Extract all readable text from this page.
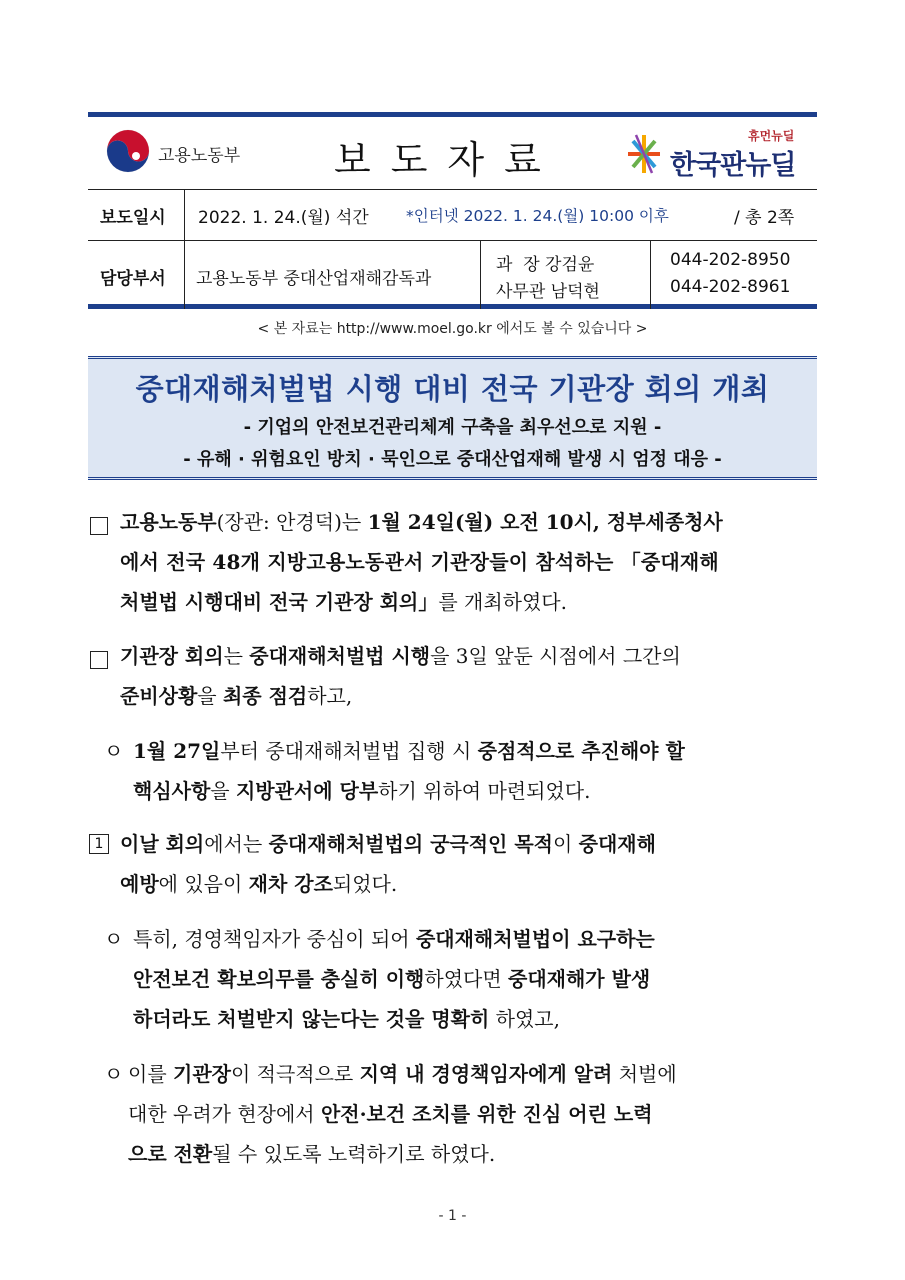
고용노동부 보도자료
휴먼뉴딜
한국판뉴딜
보도일시 2022. 1. 24.(월) 석간 *인터넷 2022. 1. 24.(월) 10:00 이후	/ 총 2쪽
담당부서 고용노동부 중대산업재해감독과
과  장 강검윤
사무관 남덕현
044-202-8950
044-202-8961
< 본 자료는 http://www.moel.go.kr 에서도 볼 수 있습니다 >
중대재해처벌법 시행 대비 전국 기관장 회의 개최
- 기업의 안전보건관리체계 구축을 최우선으로 지원 -
- 유해 · 위험요인 방치 · 묵인으로 중대산업재해 발생 시 엄정 대응 -
고용노동부(장관: 안경덕)는 1월 24일(월) 오전 10시, 정부세종청사
에서 전국 48개 지방고용노동관서 기관장들이 참석하는 「중대재해
처벌법 시행대비 전국 기관장 회의」를 개최하였다.
기관장 회의는 중대재해처벌법 시행을 3일 앞둔 시점에서 그간의
준비상황을 최종 점검하고,
ㅇ 1월 27일부터 중대재해처벌법 집행 시 중점적으로 추진해야 할
핵심사항을 지방관서에 당부하기 위하여 마련되었다.
1 이날 회의에서는 중대재해처벌법의 궁극적인 목적이 중대재해
예방에 있음이 재차 강조되었다.
ㅇ 특히, 경영책임자가 중심이 되어 중대재해처벌법이 요구하는
안전보건 확보의무를 충실히 이행하였다면 중대재해가 발생
하더라도 처벌받지 않는다는 것을 명확히 하였고,
ㅇ 이를 기관장이 적극적으로 지역 내 경영책임자에게 알려 처벌에
대한 우려가 현장에서 안전·보건 조치를 위한 진심 어린 노력
으로 전환될 수 있도록 노력하기로 하였다.
- 1 -
